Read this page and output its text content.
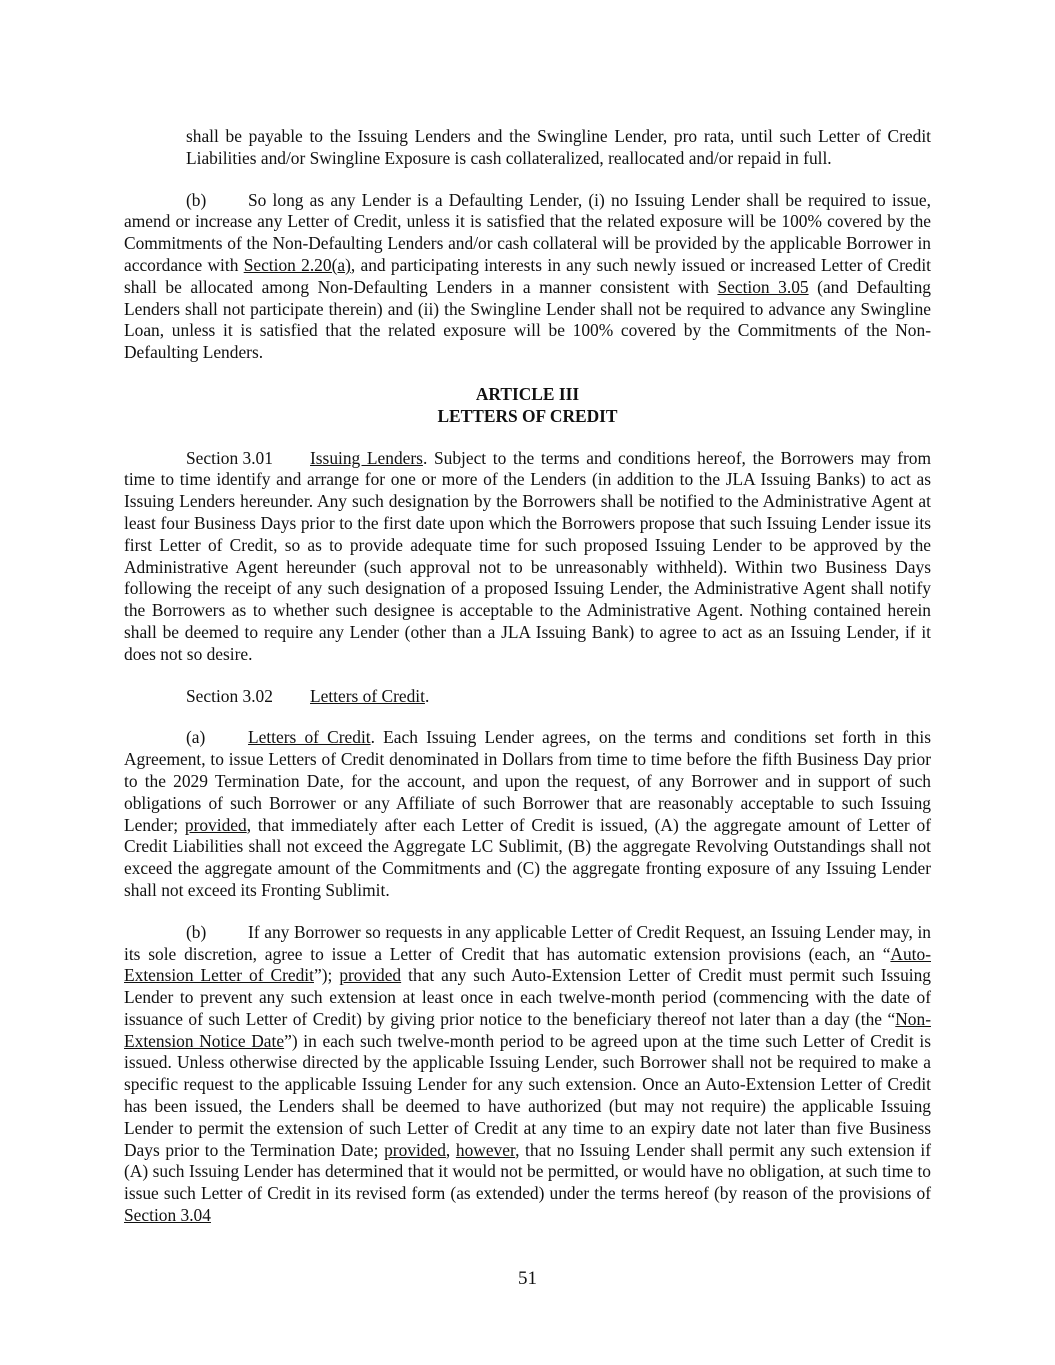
shall be payable to the Issuing Lenders and the Swingline Lender, pro rata, until such Letter of Credit Liabilities and/or Swingline Exposure is cash collateralized, reallocated and/or repaid in full.

(b) So long as any Lender is a Defaulting Lender, (i) no Issuing Lender shall be required to issue, amend or increase any Letter of Credit, unless it is satisfied that the related exposure will be 100% covered by the Commitments of the Non-Defaulting Lenders and/or cash collateral will be provided by the applicable Borrower in accordance with Section 2.20(a), and participating interests in any such newly issued or increased Letter of Credit shall be allocated among Non-Defaulting Lenders in a manner consistent with Section 3.05 (and Defaulting Lenders shall not participate therein) and (ii) the Swingline Lender shall not be required to advance any Swingline Loan, unless it is satisfied that the related exposure will be 100% covered by the Commitments of the Non-Defaulting Lenders.

ARTICLE III
LETTERS OF CREDIT

Section 3.01 Issuing Lenders. Subject to the terms and conditions hereof, the Borrowers may from time to time identify and arrange for one or more of the Lenders (in addition to the JLA Issuing Banks) to act as Issuing Lenders hereunder. Any such designation by the Borrowers shall be notified to the Administrative Agent at least four Business Days prior to the first date upon which the Borrowers propose that such Issuing Lender issue its first Letter of Credit, so as to provide adequate time for such proposed Issuing Lender to be approved by the Administrative Agent hereunder (such approval not to be unreasonably withheld). Within two Business Days following the receipt of any such designation of a proposed Issuing Lender, the Administrative Agent shall notify the Borrowers as to whether such designee is acceptable to the Administrative Agent. Nothing contained herein shall be deemed to require any Lender (other than a JLA Issuing Bank) to agree to act as an Issuing Lender, if it does not so desire.

Section 3.02 Letters of Credit.

(a) Letters of Credit. Each Issuing Lender agrees, on the terms and conditions set forth in this Agreement, to issue Letters of Credit denominated in Dollars from time to time before the fifth Business Day prior to the 2029 Termination Date, for the account, and upon the request, of any Borrower and in support of such obligations of such Borrower or any Affiliate of such Borrower that are reasonably acceptable to such Issuing Lender; provided, that immediately after each Letter of Credit is issued, (A) the aggregate amount of Letter of Credit Liabilities shall not exceed the Aggregate LC Sublimit, (B) the aggregate Revolving Outstandings shall not exceed the aggregate amount of the Commitments and (C) the aggregate fronting exposure of any Issuing Lender shall not exceed its Fronting Sublimit.

(b) If any Borrower so requests in any applicable Letter of Credit Request, an Issuing Lender may, in its sole discretion, agree to issue a Letter of Credit that has automatic extension provisions (each, an “Auto-Extension Letter of Credit”); provided that any such Auto-Extension Letter of Credit must permit such Issuing Lender to prevent any such extension at least once in each twelve-month period (commencing with the date of issuance of such Letter of Credit) by giving prior notice to the beneficiary thereof not later than a day (the “Non-Extension Notice Date”) in each such twelve-month period to be agreed upon at the time such Letter of Credit is issued. Unless otherwise directed by the applicable Issuing Lender, such Borrower shall not be required to make a specific request to the applicable Issuing Lender for any such extension. Once an Auto-Extension Letter of Credit has been issued, the Lenders shall be deemed to have authorized (but may not require) the applicable Issuing Lender to permit the extension of such Letter of Credit at any time to an expiry date not later than five Business Days prior to the Termination Date; provided, however, that no Issuing Lender shall permit any such extension if (A) such Issuing Lender has determined that it would not be permitted, or would have no obligation, at such time to issue such Letter of Credit in its revised form (as extended) under the terms hereof (by reason of the provisions of Section 3.04

51
